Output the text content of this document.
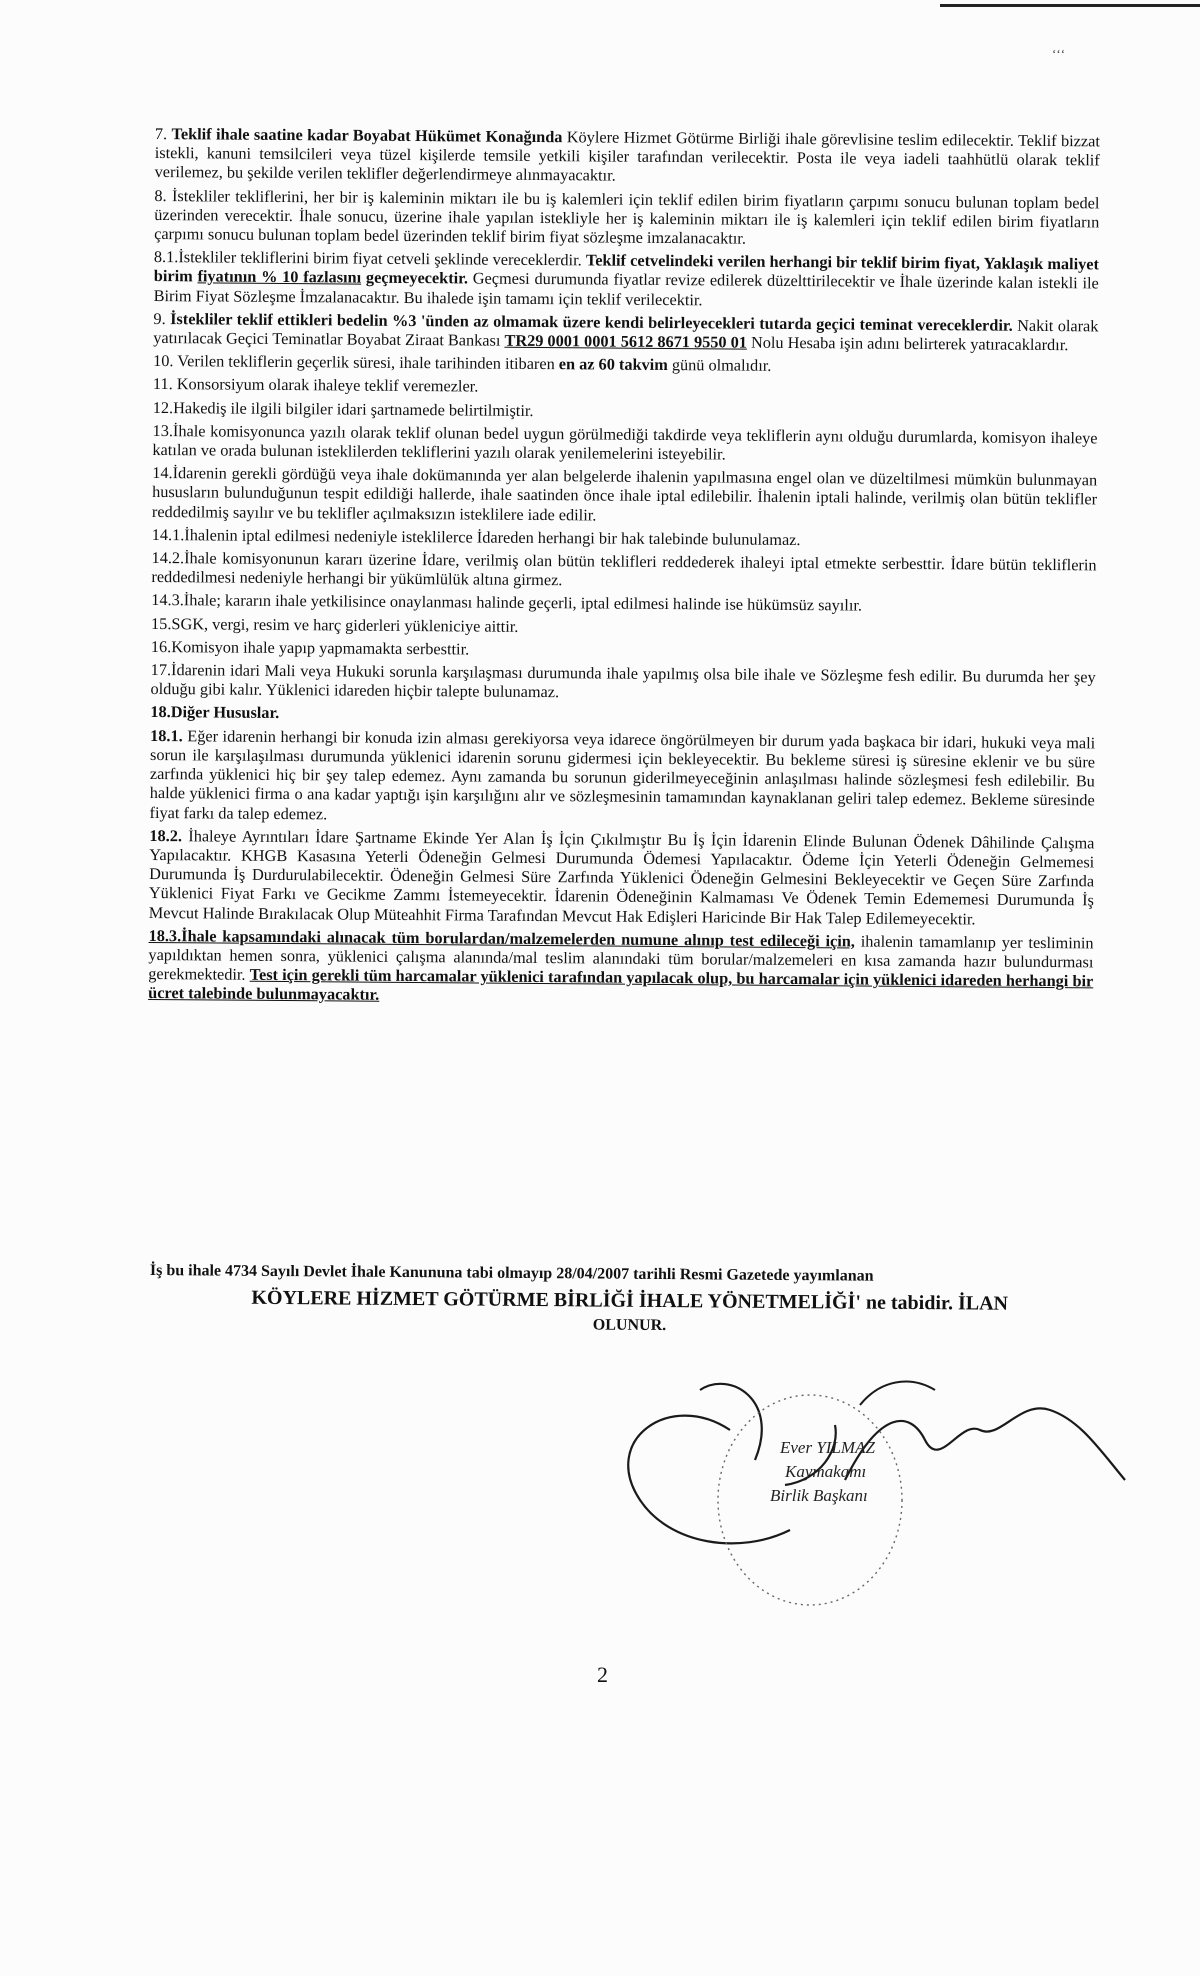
‘‘‘

7. Teklif ihale saatine kadar Boyabat Hükümet Konağında Köylere Hizmet Götürme Birliği ihale görevlisine teslim edilecektir. Teklif bizzat istekli, kanuni temsilcileri veya tüzel kişilerde temsile yetkili kişiler tarafından verilecektir. Posta ile veya iadeli taahhütlü olarak teklif verilemez, bu şekilde verilen teklifler değerlendirmeye alınmayacaktır.

8. İstekliler tekliflerini, her bir iş kaleminin miktarı ile bu iş kalemleri için teklif edilen birim fiyatların çarpımı sonucu bulunan toplam bedel üzerinden verecektir. İhale sonucu, üzerine ihale yapılan istekliyle her iş kaleminin miktarı ile iş kalemleri için teklif edilen birim fiyatların çarpımı sonucu bulunan toplam bedel üzerinden teklif birim fiyat sözleşme imzalanacaktır.

8.1.İstekliler tekliflerini birim fiyat cetveli şeklinde vereceklerdir. Teklif cetvelindeki verilen herhangi bir teklif birim fiyat, Yaklaşık maliyet birim fiyatının % 10 fazlasını geçmeyecektir. Geçmesi durumunda fiyatlar revize edilerek düzelttirilecektir ve İhale üzerinde kalan istekli ile Birim Fiyat Sözleşme İmzalanacaktır. Bu ihalede işin tamamı için teklif verilecektir.

9. İstekliler teklif ettikleri bedelin %3 'ünden az olmamak üzere kendi belirleyecekleri tutarda geçici teminat vereceklerdir. Nakit olarak yatırılacak Geçici Teminatlar Boyabat Ziraat Bankası TR29 0001 0001 5612 8671 9550 01 Nolu Hesaba işin adını belirterek yatıracaklardır.

10. Verilen tekliflerin geçerlik süresi, ihale tarihinden itibaren en az 60 takvim günü olmalıdır.

11. Konsorsiyum olarak ihaleye teklif veremezler.

12.Hakediş ile ilgili bilgiler idari şartnamede belirtilmiştir.

13.İhale komisyonunca yazılı olarak teklif olunan bedel uygun görülmediği takdirde veya tekliflerin aynı olduğu durumlarda, komisyon ihaleye katılan ve orada bulunan isteklilerden tekliflerini yazılı olarak yenilemelerini isteyebilir.

14.İdarenin gerekli gördüğü veya ihale dokümanında yer alan belgelerde ihalenin yapılmasına engel olan ve düzeltilmesi mümkün bulunmayan hususların bulunduğunun tespit edildiği hallerde, ihale saatinden önce ihale iptal edilebilir. İhalenin iptali halinde, verilmiş olan bütün teklifler reddedilmiş sayılır ve bu teklifler açılmaksızın isteklilere iade edilir.

14.1.İhalenin iptal edilmesi nedeniyle isteklilerce İdareden herhangi bir hak talebinde bulunulamaz.

14.2.İhale komisyonunun kararı üzerine İdare, verilmiş olan bütün teklifleri reddederek ihaleyi iptal etmekte serbesttir. İdare bütün tekliflerin reddedilmesi nedeniyle herhangi bir yükümlülük altına girmez.

14.3.İhale; kararın ihale yetkilisince onaylanması halinde geçerli, iptal edilmesi halinde ise hükümsüz sayılır.

15.SGK, vergi, resim ve harç giderleri yükleniciye aittir.

16.Komisyon ihale yapıp yapmamakta serbesttir.

17.İdarenin idari Mali veya Hukuki sorunla karşılaşması durumunda ihale yapılmış olsa bile ihale ve Sözleşme fesh edilir. Bu durumda her şey olduğu gibi kalır. Yüklenici idareden hiçbir talepte bulunamaz.

18.Diğer Hususlar.

18.1. Eğer idarenin herhangi bir konuda izin alması gerekiyorsa veya idarece öngörülmeyen bir durum yada başkaca bir idari, hukuki veya mali sorun ile karşılaşılması durumunda yüklenici idarenin sorunu gidermesi için bekleyecektir. Bu bekleme süresi iş süresine eklenir ve bu süre zarfında yüklenici hiç bir şey talep edemez. Aynı zamanda bu sorunun giderilmeyeceğinin anlaşılması halinde sözleşmesi fesh edilebilir. Bu halde yüklenici firma o ana kadar yaptığı işin karşılığını alır ve sözleşmesinin tamamından kaynaklanan geliri talep edemez. Bekleme süresinde fiyat farkı da talep edemez.

18.2. İhaleye Ayrıntıları İdare Şartname Ekinde Yer Alan İş İçin Çıkılmıştır Bu İş İçin İdarenin Elinde Bulunan Ödenek Dâhilinde Çalışma Yapılacaktır. KHGB Kasasına Yeterli Ödeneğin Gelmesi Durumunda Ödemesi Yapılacaktır. Ödeme İçin Yeterli Ödeneğin Gelmemesi Durumunda İş Durdurulabilecektir. Ödeneğin Gelmesi Süre Zarfında Yüklenici Ödeneğin Gelmesini Bekleyecektir ve Geçen Süre Zarfında Yüklenici Fiyat Farkı ve Gecikme Zammı İstemeyecektir. İdarenin Ödeneğinin Kalmaması Ve Ödenek Temin Edememesi Durumunda İş Mevcut Halinde Bırakılacak Olup Müteahhit Firma Tarafından Mevcut Hak Edişleri Haricinde Bir Hak Talep Edilemeyecektir.

18.3.İhale kapsamındaki alınacak tüm borulardan/malzemelerden numune alınıp test edileceği için, ihalenin tamamlanıp yer tesliminin yapıldıktan hemen sonra, yüklenici çalışma alanında/mal teslim alanındaki tüm borular/malzemeleri en kısa zamanda hazır bulundurması gerekmektedir. Test için gerekli tüm harcamalar yüklenici tarafından yapılacak olup, bu harcamalar için yüklenici idareden herhangi bir ücret talebinde bulunmayacaktır.

İş bu ihale 4734 Sayılı Devlet İhale Kanununa tabi olmayıp 28/04/2007 tarihli Resmi Gazetede yayımlanan
KÖYLERE HİZMET GÖTÜRME BİRLİĞİ İHALE YÖNETMELİĞİ' ne tabidir. İLAN
OLUNUR.
Ever YILMAZ
Kaymakamı
Birlik Başkanı
2
